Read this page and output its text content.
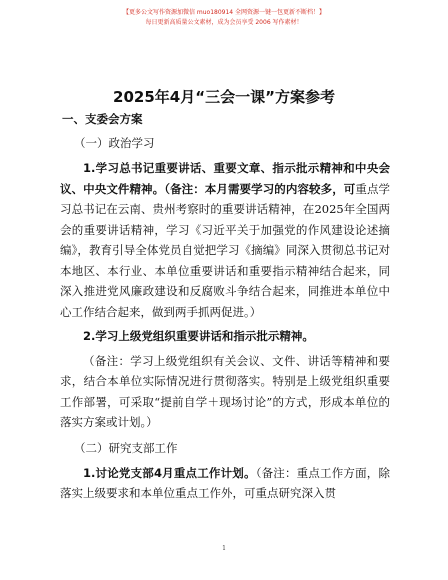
【更多公文写作资源加微信 muo180914 全网资源一键一包更新不断档！】
每日更新高质量公文素材，成为会员享受 2006 写作素材！
2025年4月“三会一课”方案参考
一、支委会方案
（一）政治学习

1.学习总书记重要讲话、重要文章、指示批示精神和中央会议、中央文件精神。（备注：本月需要学习的内容较多，可重点学习总书记在云南、贵州考察时的重要讲话精神，在2025年全国两会的重要讲话精神，学习《习近平关于加强党的作风建设论述摘编》，教育引导全体党员自觉把学习《摘编》同深入贯彻总书记对本地区、本行业、本单位重要讲话和重要指示精神结合起来，同深入推进党风廉政建设和反腐败斗争结合起来，同推进本单位中心工作结合起来，做到两手抓两促进。）

2.学习上级党组织重要讲话和指示批示精神。

（备注：学习上级党组织有关会议、文件、讲话等精神和要求，结合本单位实际情况进行贯彻落实。特别是上级党组织重要工作部署，可采取“提前自学＋现场讨论”的方式，形成本单位的落实方案或计划。）

（二）研究支部工作

1.讨论党支部4月重点工作计划。（备注：重点工作方面，除落实上级要求和本单位重点工作外，可重点研究深入贯

1
